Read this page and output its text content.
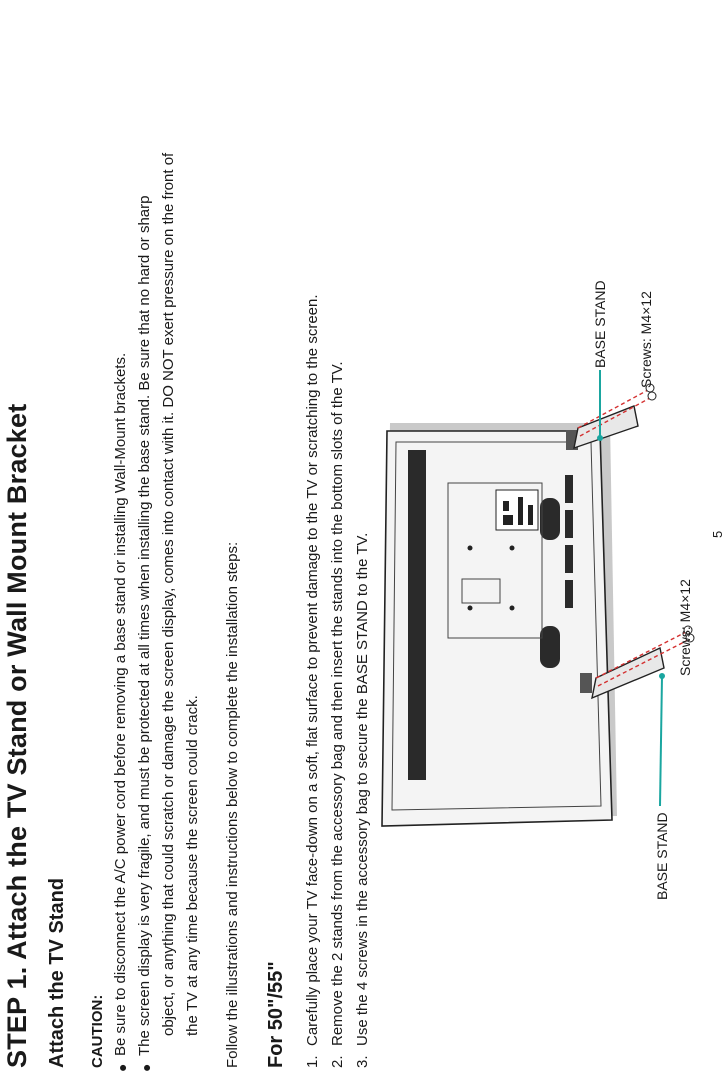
STEP 1. Attach the TV Stand or Wall Mount Bracket Attach the TV Stand CAUTION: ●
Be sure to disconnect the A/C power cord before removing a base stand or installing Wall-Mount brackets.
●
The screen display is very fragile, and must be protected at all times when installing the base stand. Be sure that no hard or sharp object, or anything that could scratch or damage the screen display, comes into contact with it. DO NOT exert pressure on the front of the TV at any time because the screen could crack. Follow the illustrations and instructions below to complete the installation steps: For 50"/55" 1.Carefully place your TV face-down on a soft, flat surface to prevent damage to the TV or scratching to the screen.
2.Remove the 2 stands from the accessory bag and then insert the stands into the bottom slots of the TV.
3.Use the 4 screws in the accessory bag to secure the BASE STAND to the TV.	BASE STAND
Screws: M4×12
BASE STAND Screws: M4×12
5
